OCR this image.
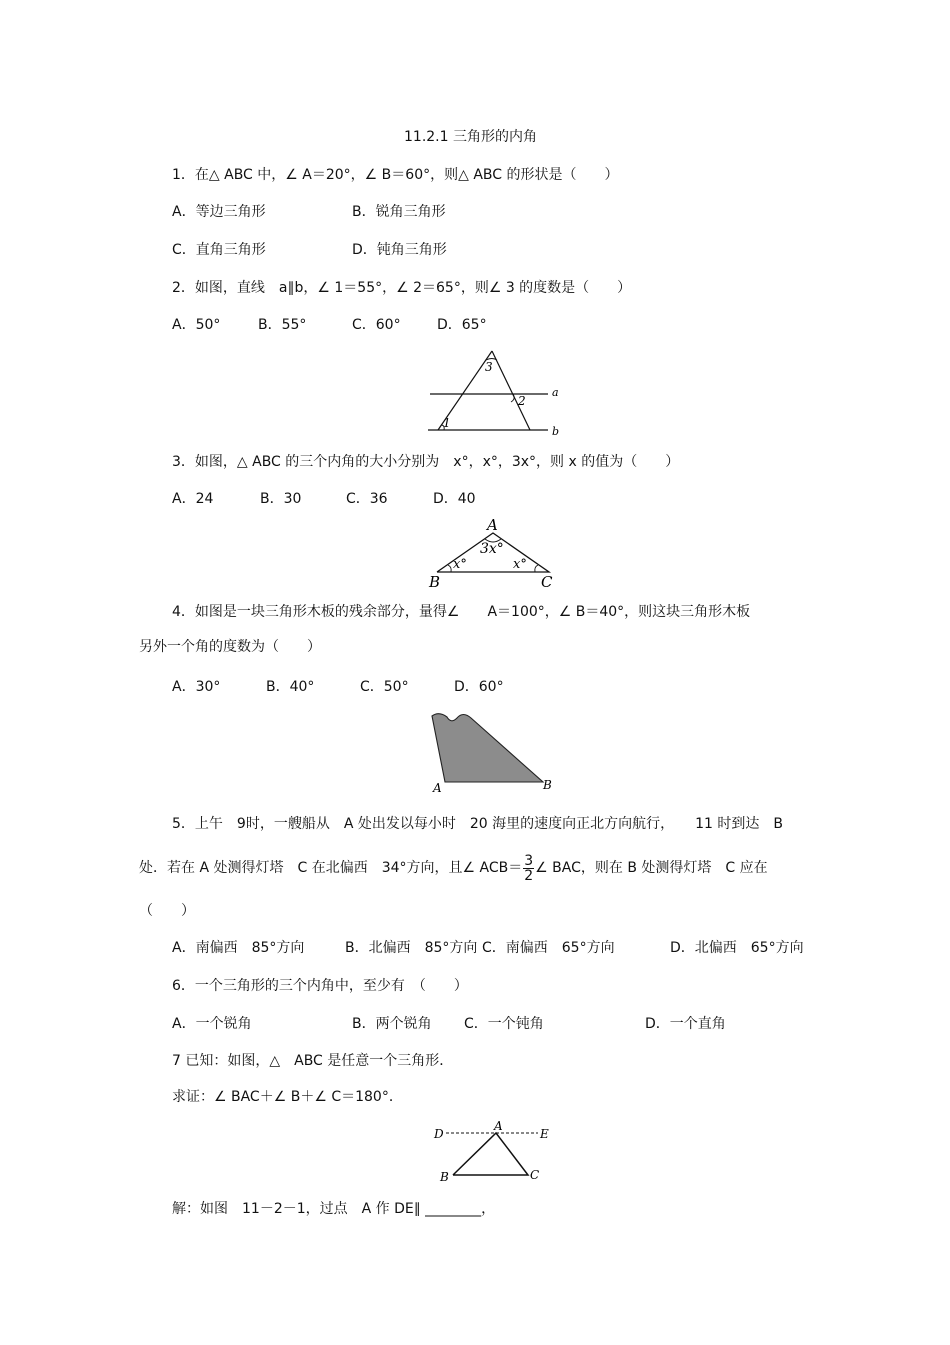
11.2.1 三角形的内角
1．在△ ABC 中，∠ A＝20°，∠ B＝60°，则△ ABC 的形状是（　　）
A．等边三角形	B．锐角三角形
C．直角三角形	D．钝角三角形
2．如图，直线　a∥b，∠ 1＝55°，∠ 2＝65°，则∠ 3 的度数是（　　）
A．50°	B．55°	C．60°	D．65°
3
2
1
a
b
3．如图，△ ABC 的三个内角的大小分别为　x°，x°，3x°，则 x 的值为（　　）
A．24	B．30	C．36	D．40
A
3x°
x°	x°
B	C
4．如图是一块三角形木板的残余部分，量得∠　　A＝100°，∠ B＝40°，则这块三角形木板
另外一个角的度数为（　　）
A．30°	B．40°	C．50°	D．60°
A	B
5．上午　9时，一艘船从　A 处出发以每小时　20 海里的速度向正北方向航行，　　11 时到达　B
处．若在 A 处测得灯塔　C 在北偏西　34°方向，且∠ $ACB= \frac{3}{2}$ ∠ BAC，则在 B 处测得灯塔　C 应在
（　　）
A．南偏西　85°方向	B．北偏西　85°方向 C．南偏西　65°方向	D．北偏西　65°方向
6．一个三角形的三个内角中，至少有　（　　）
A．一个锐角	B．两个锐角 C．一个钝角	D．一个直角
7 已知：如图，△　ABC 是任意一个三角形．
求证：∠ BAC＋∠ B＋∠ C＝180°．
D
A
E
B	C
解：如图　11－2－1，过点　A 作 DE∥ ________，
